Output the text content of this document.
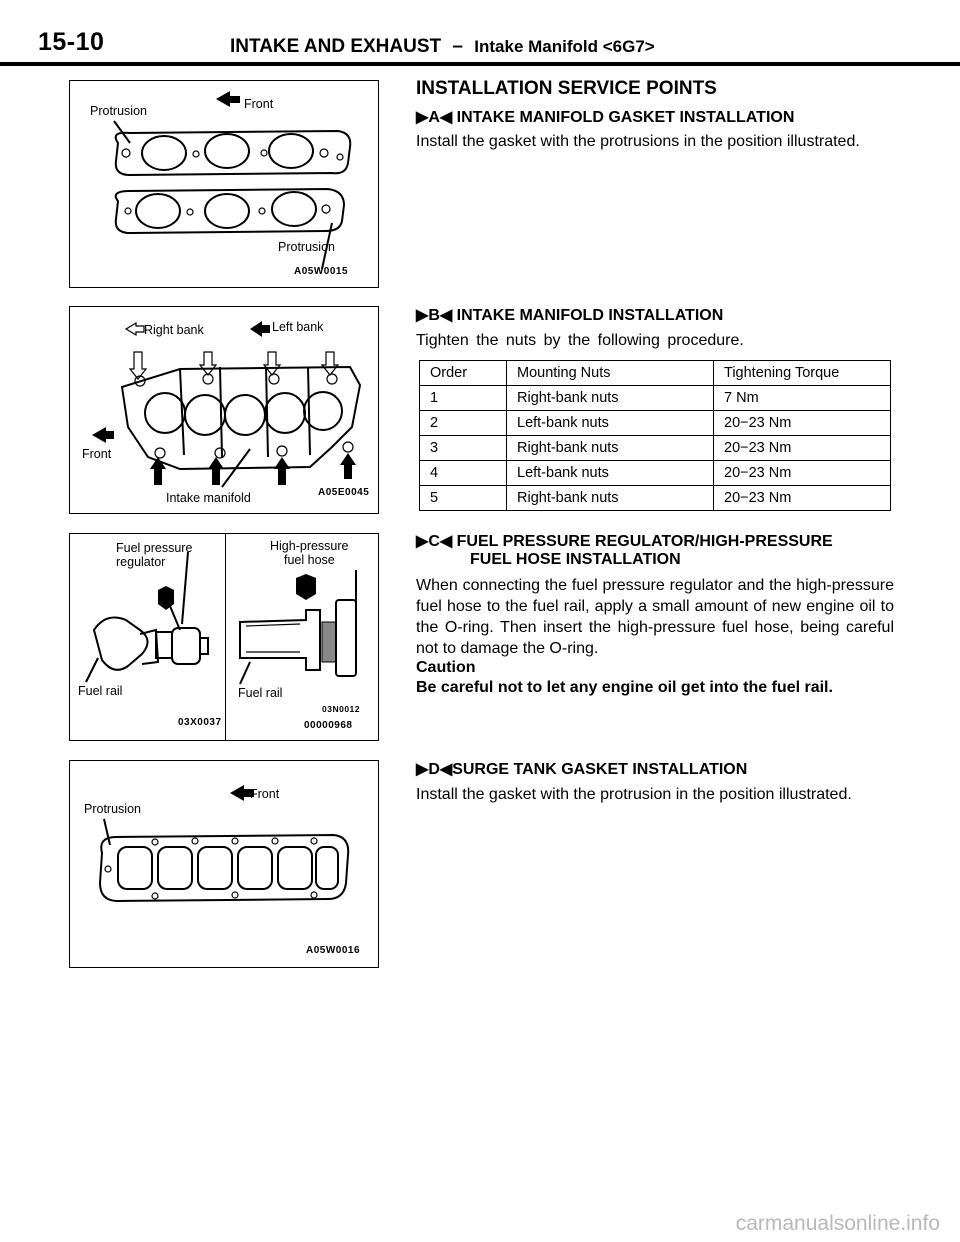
15-10	INTAKE AND EXHAUST – Intake Manifold <6G7>
Protrusion	Front
Protrusion
A05W0015
Right bank	Left bank
Front
Intake manifold	A05E0045
Fuel pressure
regulator
Fuel rail
03X0037
High-pressure
fuel hose
Fuel rail
03N0012
00000968
Protrusion
Front
A05W0016
INSTALLATION SERVICE POINTS
▶A◀ INTAKE MANIFOLD GASKET INSTALLATION
Install the gasket with the protrusions in the position illustrated.
▶B◀ INTAKE MANIFOLD INSTALLATION
Tighten the nuts by the following procedure.
Order	Mounting Nuts	Tightening Torque
1	Right-bank nuts	7 Nm
2	Left-bank nuts	20−23 Nm
3	Right-bank nuts	20−23 Nm
4	Left-bank nuts	20−23 Nm
5	Right-bank nuts	20−23 Nm
▶C◀ FUEL PRESSURE REGULATOR/HIGH-PRESSURE
FUEL HOSE INSTALLATION
When connecting the fuel pressure regulator and the high-pressure fuel hose to the fuel rail, apply a small amount of new engine oil to the O-ring. Then insert the high-pressure fuel hose, being careful not to damage the O-ring.
Caution
Be careful not to let any engine oil get into the fuel rail.
▶D◀SURGE TANK GASKET INSTALLATION
Install the gasket with the protrusion in the position illustrated.
carmanualsonline.info
